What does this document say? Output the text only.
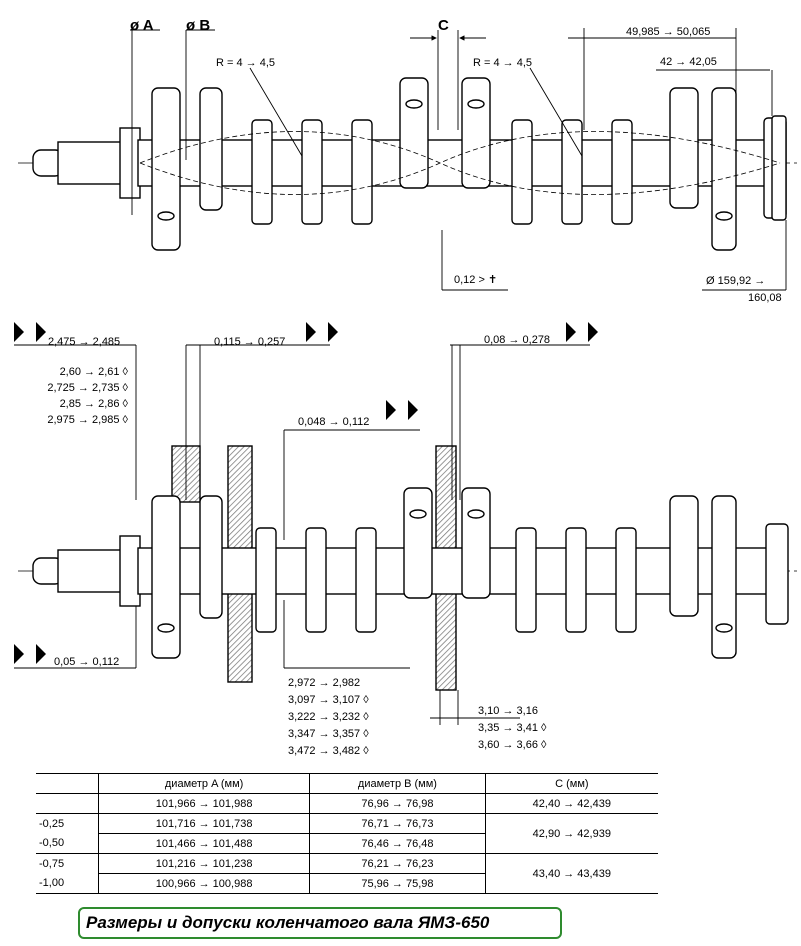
ø A ø B	C
R = 4 → 4,5	R = 4 → 4,5
49,985 → 50,065
42 → 42,05
0,12 > ✝	Ø 159,92 →
160,08
2,475 → 2,485	0,115 → 0,257	0,08 → 0,278
0,048 → 0,112
0,05 → 0,112
2,60 → 2,61 ◊
2,725 → 2,735 ◊
2,85 → 2,86 ◊
2,975 → 2,985 ◊
2,972 → 2,982
3,097 → 3,107 ◊
3,222 → 3,232 ◊
3,347 → 3,357 ◊
3,472 → 3,482 ◊
3,10 → 3,16
3,35 → 3,41 ◊
3,60 → 3,66 ◊
	диаметр A (мм)	диаметр B (мм)	C (мм)
	101,966 → 101,988	76,96 → 76,98	42,40 → 42,439
-0,25	101,716 → 101,738	76,71 → 76,73	42,90 → 42,939
-0,50	101,466 → 101,488	76,46 → 76,48	
-0,75	101,216 → 101,238	76,21 → 76,23	43,40 → 43,439
-1,00	100,966 → 100,988	75,96 → 75,98	
Размеры и допуски коленчатого вала ЯМЗ-650
